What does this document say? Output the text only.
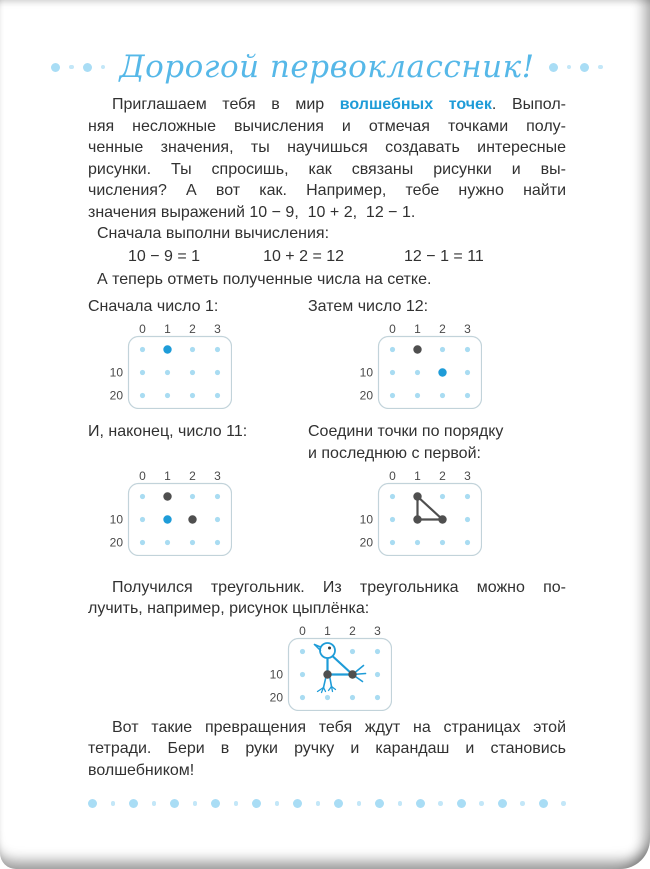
Дорогой первоклассник!

Приглашаем тебя в мир волшебных точек. Выпол-
няя несложные вычисления и отмечая точками полу-
ченные значения, ты научишься создавать интересные
рисунки. Ты спросишь, как связаны рисунки и вы-
числения? А вот как. Например, тебе нужно найти
значения выражений 10 − 9,  10 + 2,  12 − 1.

Сначала выполни вычисления:
10 − 9 = 1	10 + 2 = 12	12 − 1 = 11
А теперь отметь полученные числа на сетке.
Сначала число 1:
0 1 2 3
10
20
Затем число 12:
0 1 2 3
10
20
И, наконец, число 11:
0 1 2 3
10
20
Соедини точки по порядку
и последнюю с первой:
0 1 2 3
10
20

Получился треугольник. Из треугольника можно по-
лучить, например, рисунок цыплёнка:

0 1 2 3
10
20

Вот такие превращения тебя ждут на страницах этой
тетради. Бери в руки ручку и карандаш и становись
волшебником!
